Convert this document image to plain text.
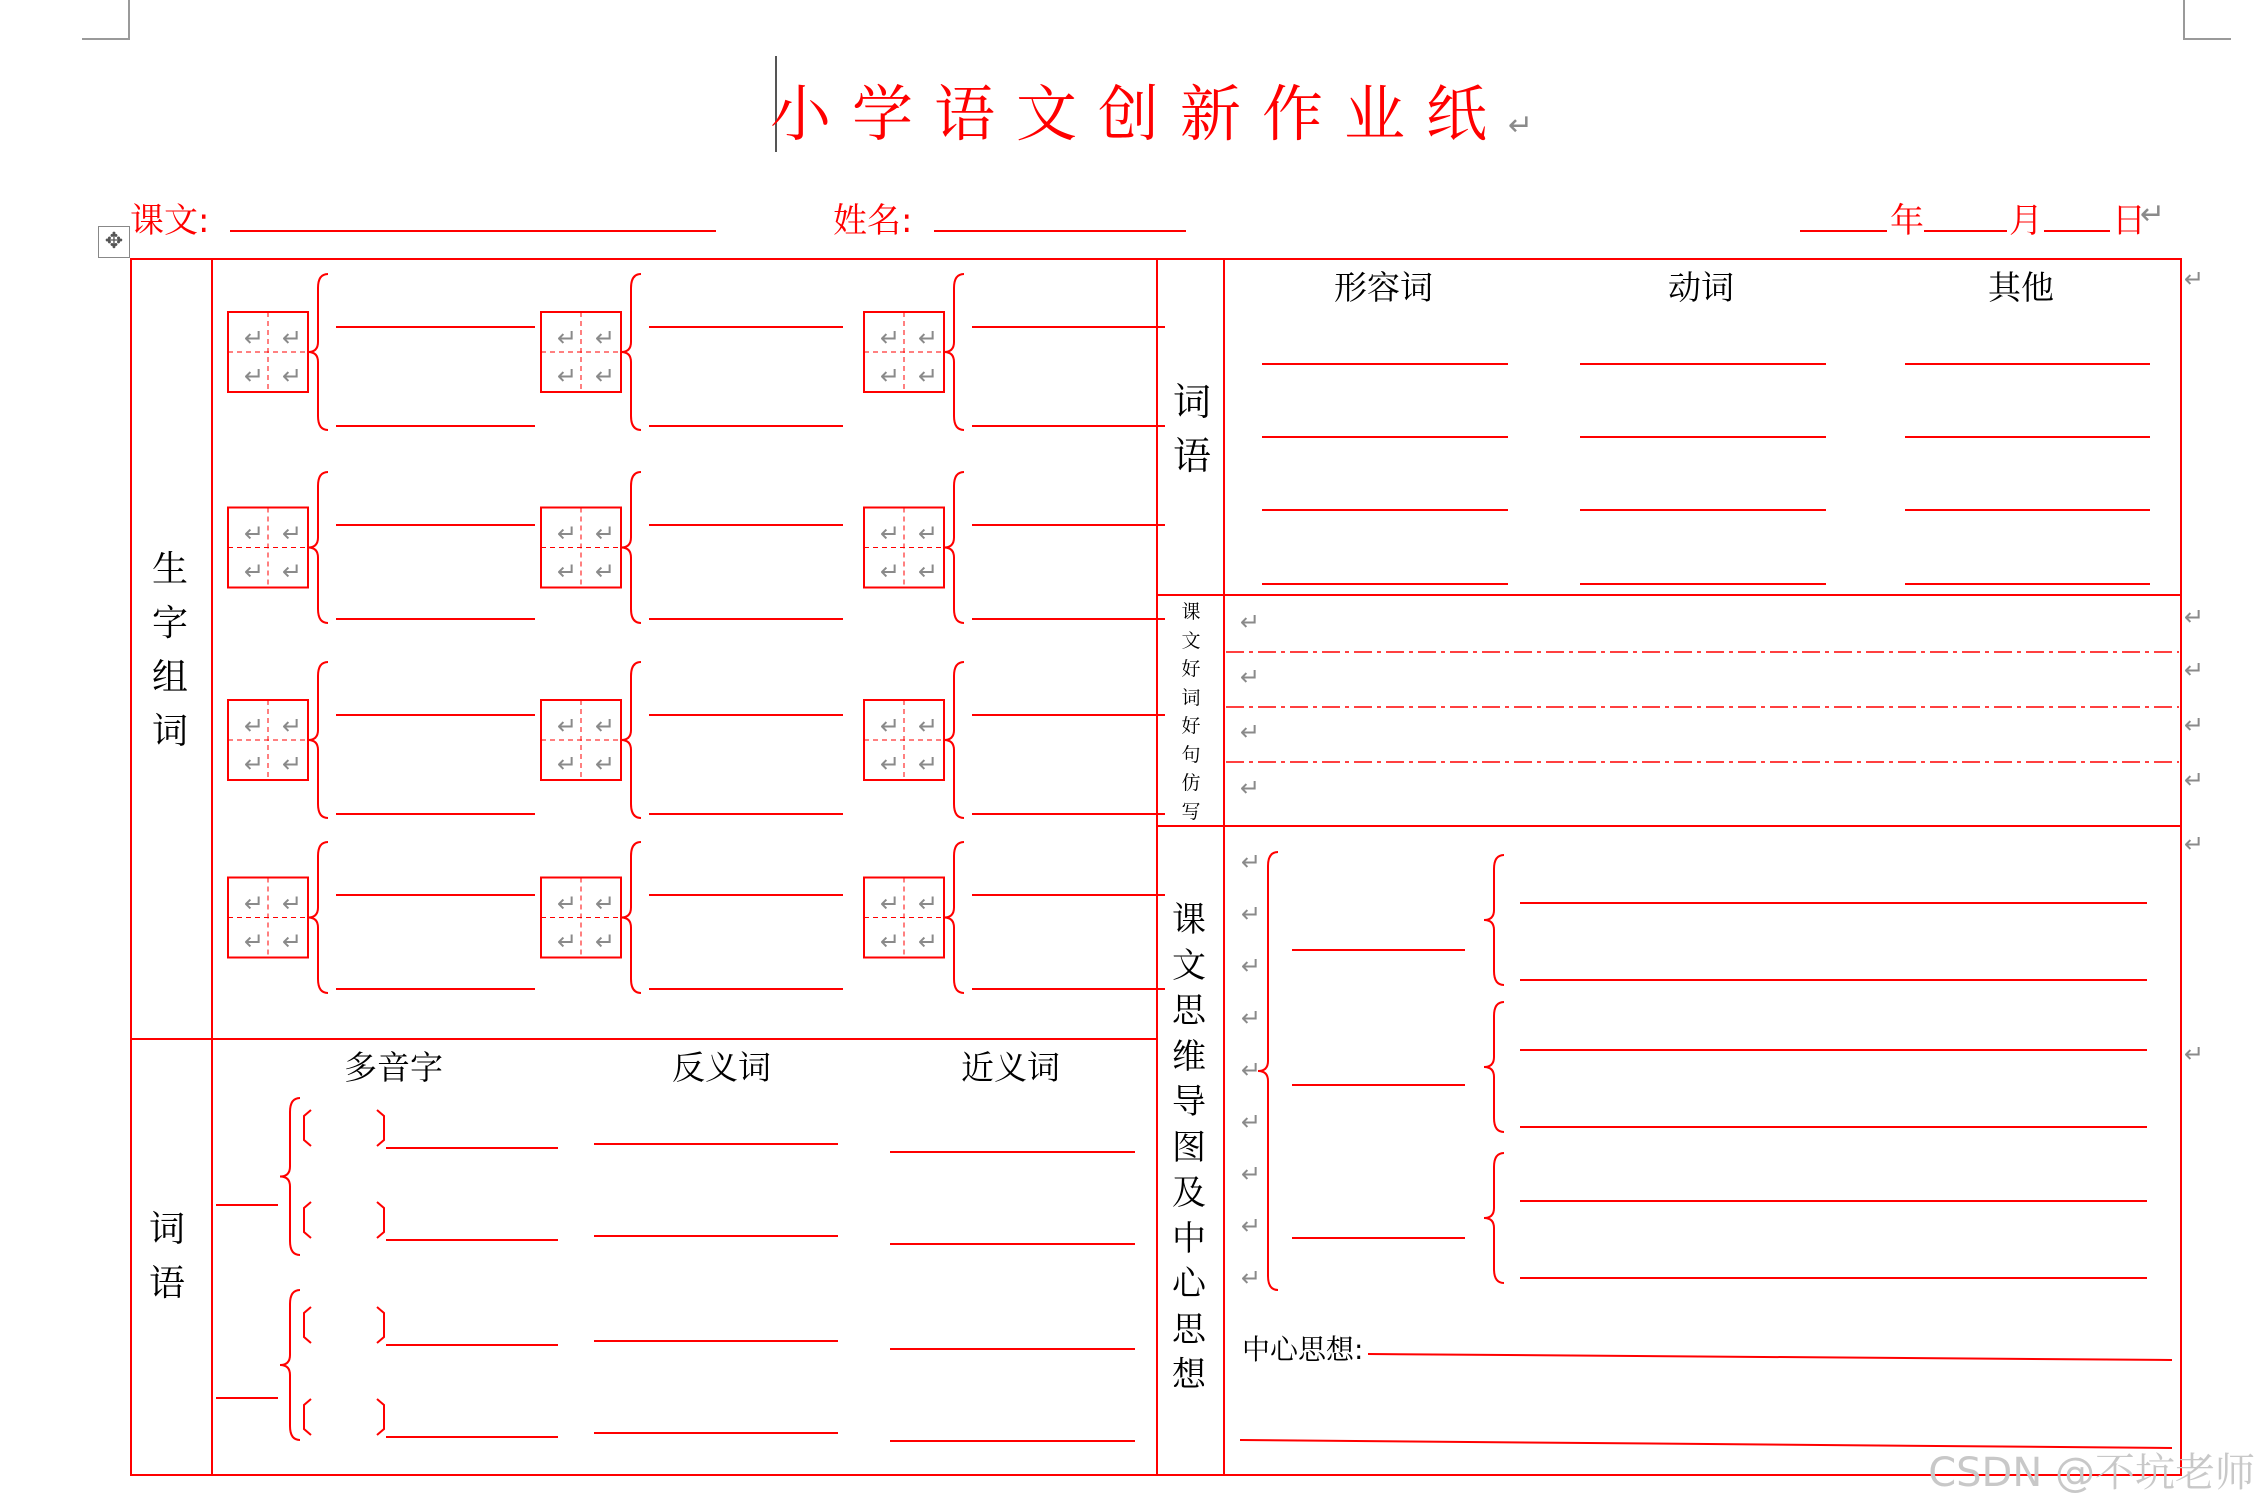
小学语文创新作业纸↵
课文:	姓名:	年	月 日
↵
✥
↵ ↵
↵ ↵
↵ ↵
↵ ↵
↵ ↵
↵ ↵
↵ ↵
↵ ↵
↵ ↵
↵ ↵
↵ ↵
↵ ↵
↵ ↵
↵ ↵
↵ ↵
↵ ↵
↵ ↵
↵ ↵
↵ ↵
↵ ↵
↵ ↵
↵ ↵
↵ ↵
↵ ↵
↵
↵
↵
↵
↵
↵
↵
↵
↵
↵
↵
↵
↵
↵
↵
↵
↵
↵
↵
↵
生字组词
词语
词语
课文好词好句仿写
课文思维导图及中心思想
多音字	反义词	近义词
形容词	动词	其他
中心思想:
CSDN @不坑老师
